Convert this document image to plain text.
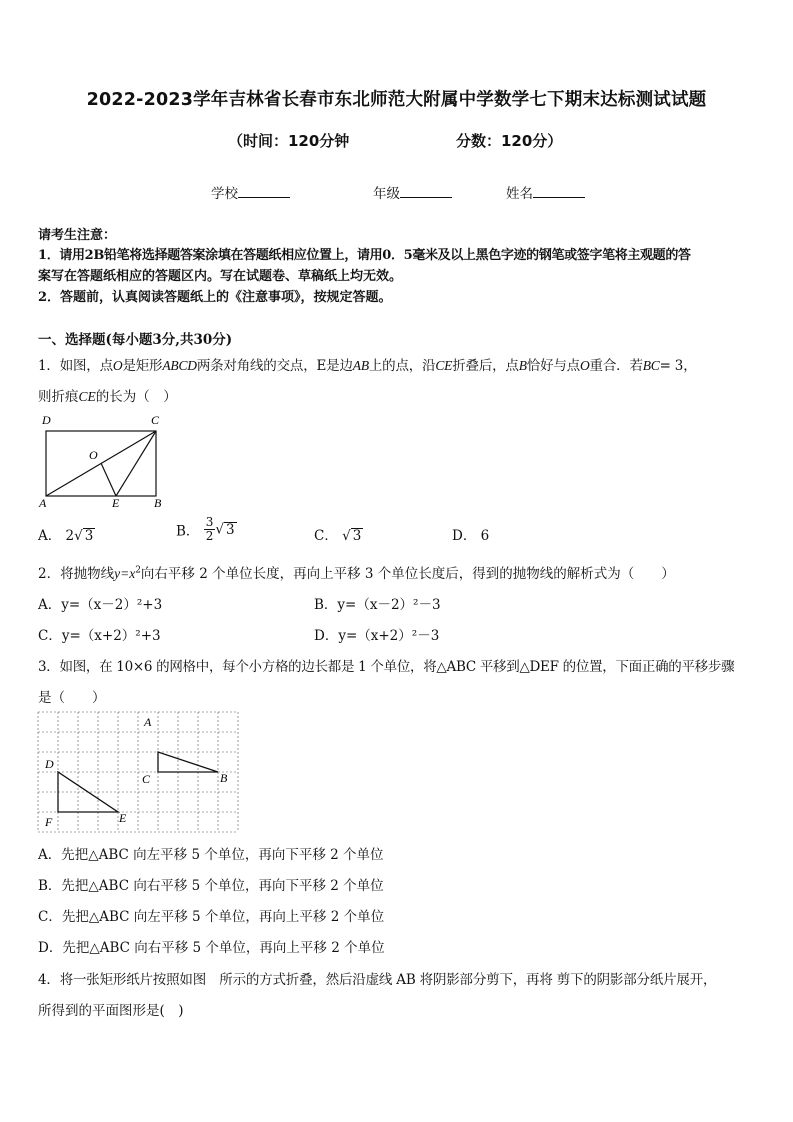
2022-2023学年吉林省长春市东北师范大附属中学数学七下期末达标测试试题
（时间：120分钟	分数：120分）
学校	年级	姓名
请考生注意：
1．请用2B铅笔将选择题答案涂填在答题纸相应位置上，请用0．5毫米及以上黑色字迹的钢笔或签字笔将主观题的答
案写在答题纸相应的答题区内。写在试题卷、草稿纸上均无效。
2．答题前，认真阅读答题纸上的《注意事项》，按规定答题。
一、选择题(每小题3分,共30分)
1．如图，点O是矩形ABCD两条对角线的交点，E是边AB上的点，沿CE折叠后，点B恰好与点O重合．若BC= 3，
则折痕CE的长为（　）
D	C
O
A	E	B
A． 2√ 3	B． $\frac{3}{2}$ √ 3	C． √ 3	D． 6
2．将抛物线$y=x^2$向右平移 2 个单位长度，再向上平移 3 个单位长度后，得到的抛物线的解析式为（　　）
A．y=（x－2）²+3	B．y=（x－2）²－3
C．y=（x+2）²+3	D．y=（x+2）²－3
3．如图，在 10×6 的网格中，每个小方格的边长都是 1 个单位，将△ABC 平移到△DEF 的位置，下面正确的平移步骤
是（　　）
A
C	B
D
F	E
A．先把△ABC 向左平移 5 个单位，再向下平移 2 个单位
B．先把△ABC 向右平移 5 个单位，再向下平移 2 个单位
C．先把△ABC 向左平移 5 个单位，再向上平移 2 个单位
D．先把△ABC 向右平移 5 个单位，再向上平移 2 个单位
4．将一张矩形纸片按照如图　所示的方式折叠，然后沿虚线 AB 将阴影部分剪下，再将 剪下的阴影部分纸片展开，
所得到的平面图形是(　)
